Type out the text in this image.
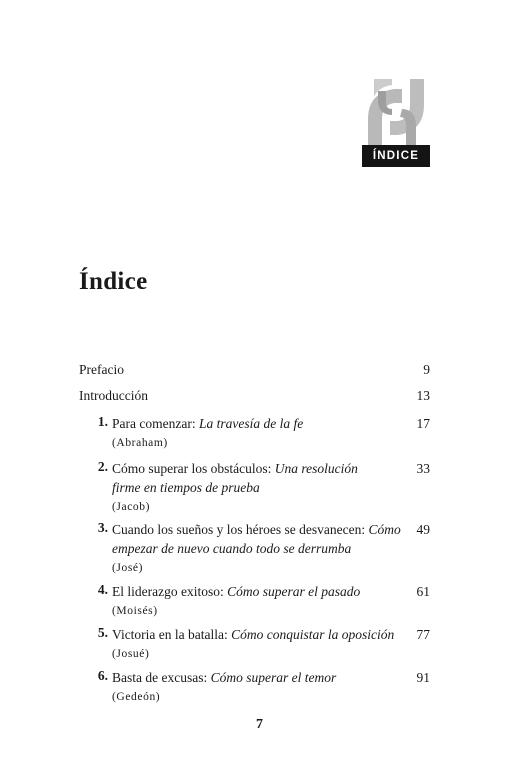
ÍNDICE
Índice
Prefacio	9
Introducción	13
1. Para comenzar: La travesía de la fe
(Abraham)
17
2. Cómo superar los obstáculos: Una resolución firme en tiempos de prueba
(Jacob)
33
3. Cuando los sueños y los héroes se desvanecen: Cómo empezar de nuevo cuando todo se derrumba
(José)
49
4. El liderazgo exitoso: Cómo superar el pasado
(Moisés)
61
5. Victoria en la batalla: Cómo conquistar la oposición
(Josué)
77
6. Basta de excusas: Cómo superar el temor
(Gedeón)
91
7
